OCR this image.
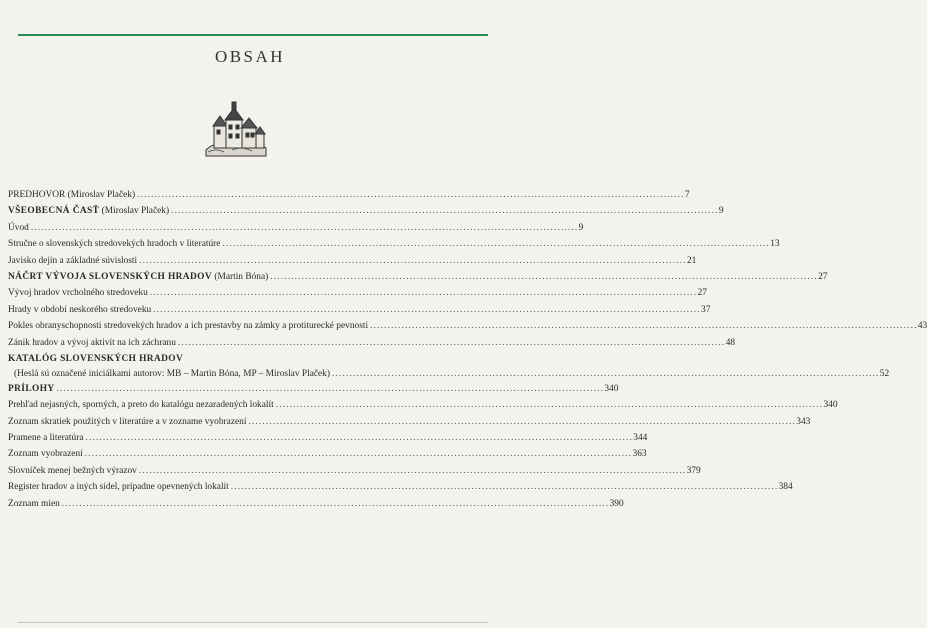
OBSAH
PREDHOVOR (Miroslav Plaček) . . .	7
VŠEOBECNÁ ČASŤ (Miroslav Plaček) . . .	9
Úvod . . .	9
Stručne o slovenských stredovekých hradoch v literatúre . . .	13
Javisko dejín a základné súvislosti . . .	21
NÁČRT VÝVOJA SLOVENSKÝCH HRADOV (Martin Bóna) . . .	27
Vývoj hradov vrcholného stredoveku . . .	27
Hrady v období neskorého stredoveku . . .	37
Pokles obranyschopnosti stredovekých hradov a ich prestavby na zámky a protiturecké pevnosti . . .	43
Zánik hradov a vývoj aktivít na ich záchranu . . .	48
KATALÓG SLOVENSKÝCH HRADOV
(Heslá sú označené iniciálkami autorov: MB – Martin Bóna, MP – Miroslav Plaček) . . .	52
PRÍLOHY . . .	340
Prehľad nejasných, sporných, a preto do katalógu nezaradených lokalít . . .	340
Zoznam skratiek použitých v literatúre a v zozname vyobrazení . . .	343
Pramene a literatúra . . .	344
Zoznam vyobrazení . . .	363
Slovníček menej bežných výrazov . . .	379
Register hradov a iných sídel, prípadne opevnených lokalít . . .	384
Zoznam mien . . .	390
